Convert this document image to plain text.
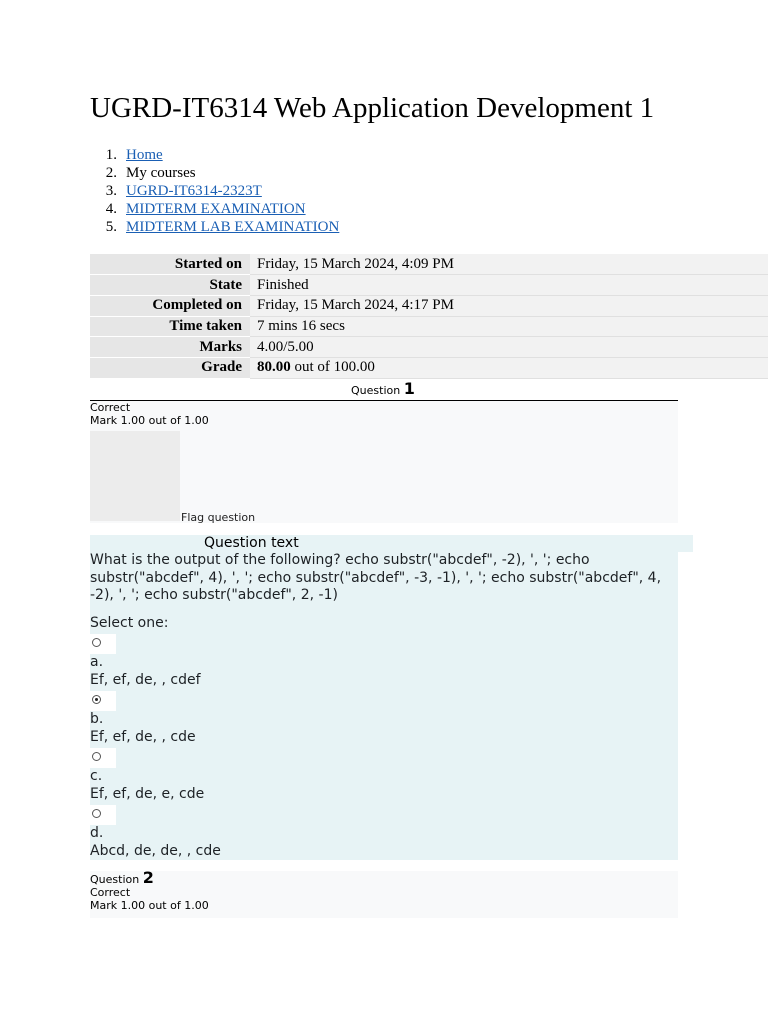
UGRD-IT6314 Web Application Development 1
1. Home
2. My courses
3. UGRD-IT6314-2323T
4. MIDTERM EXAMINATION
5. MIDTERM LAB EXAMINATION
Started on	Friday, 15 March 2024, 4:09 PM
State	Finished
Completed on	Friday, 15 March 2024, 4:17 PM
Time taken	7 mins 16 secs
Marks	4.00/5.00
Grade	80.00 out of 100.00
Question 1
Correct
Mark 1.00 out of 1.00
Flag question
Question text

What is the output of the following? echo substr("abcdef", -2), ', '; echo substr("abcdef", 4), ', '; echo substr("abcdef", -3, -1), ', '; echo substr("abcdef", 4, -2), ', '; echo substr("abcdef", 2, -1)

Select one:

a.
Ef, ef, de, , cdef
b.
Ef, ef, de, , cde
c.
Ef, ef, de, e, cde
d.
Abcd, de, de, , cde
Question 2
Correct
Mark 1.00 out of 1.00
